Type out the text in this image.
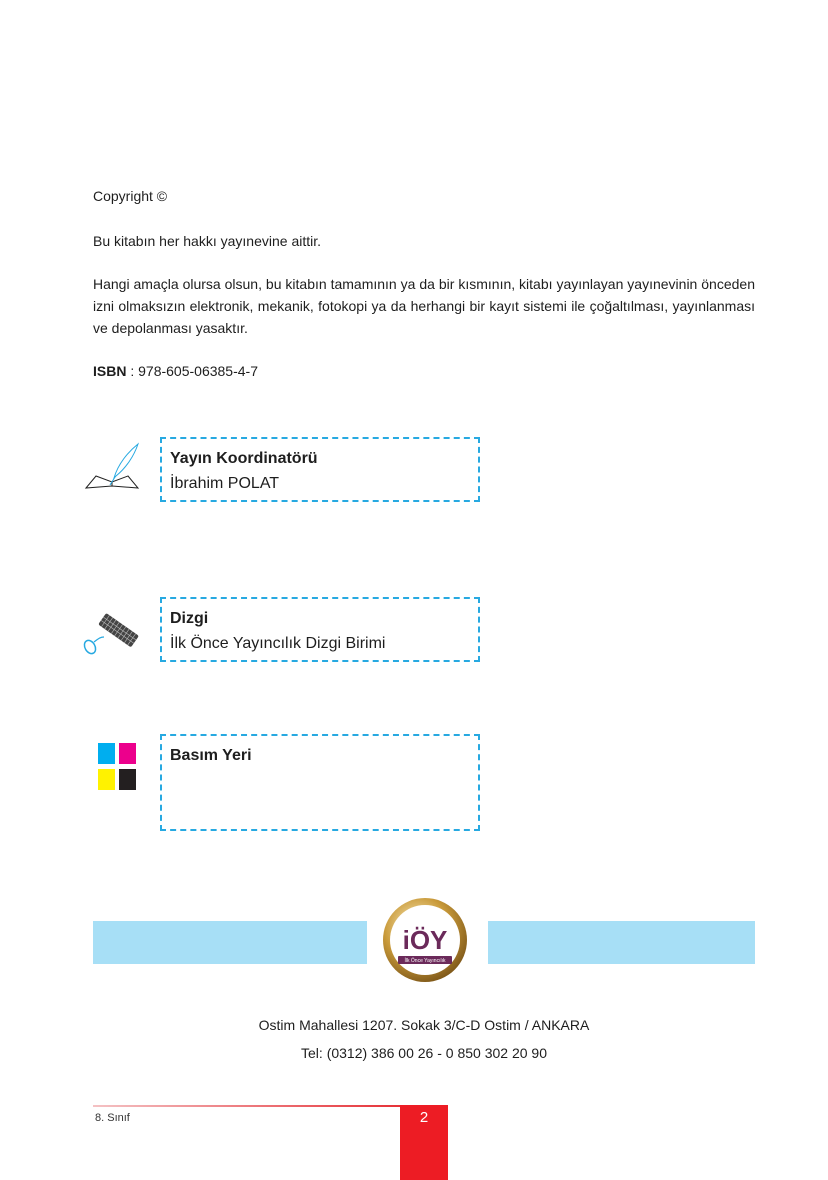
Copyright ©

Bu kitabın her hakkı yayınevine aittir.

Hangi amaçla olursa olsun, bu kitabın tamamının ya da bir kısmının, kitabı yayınlayan yayınevinin önceden izni olmaksızın elektronik, mekanik, fotokopi ya da herhangi bir kayıt sistemi ile çoğaltılması, yayınlanması ve depolanması yasaktır.

ISBN : 978-605-06385-4-7

Yayın Koordinatörü
İbrahim POLAT
Dizgi
İlk Önce Yayıncılık Dizgi Birimi
Basım Yeri
iÖY
İlk Önce Yayıncılık
Ostim Mahallesi 1207. Sokak 3/C-D Ostim / ANKARA
Tel: (0312) 386 00 26 - 0 850 302 20 90
8. Sınıf	2
